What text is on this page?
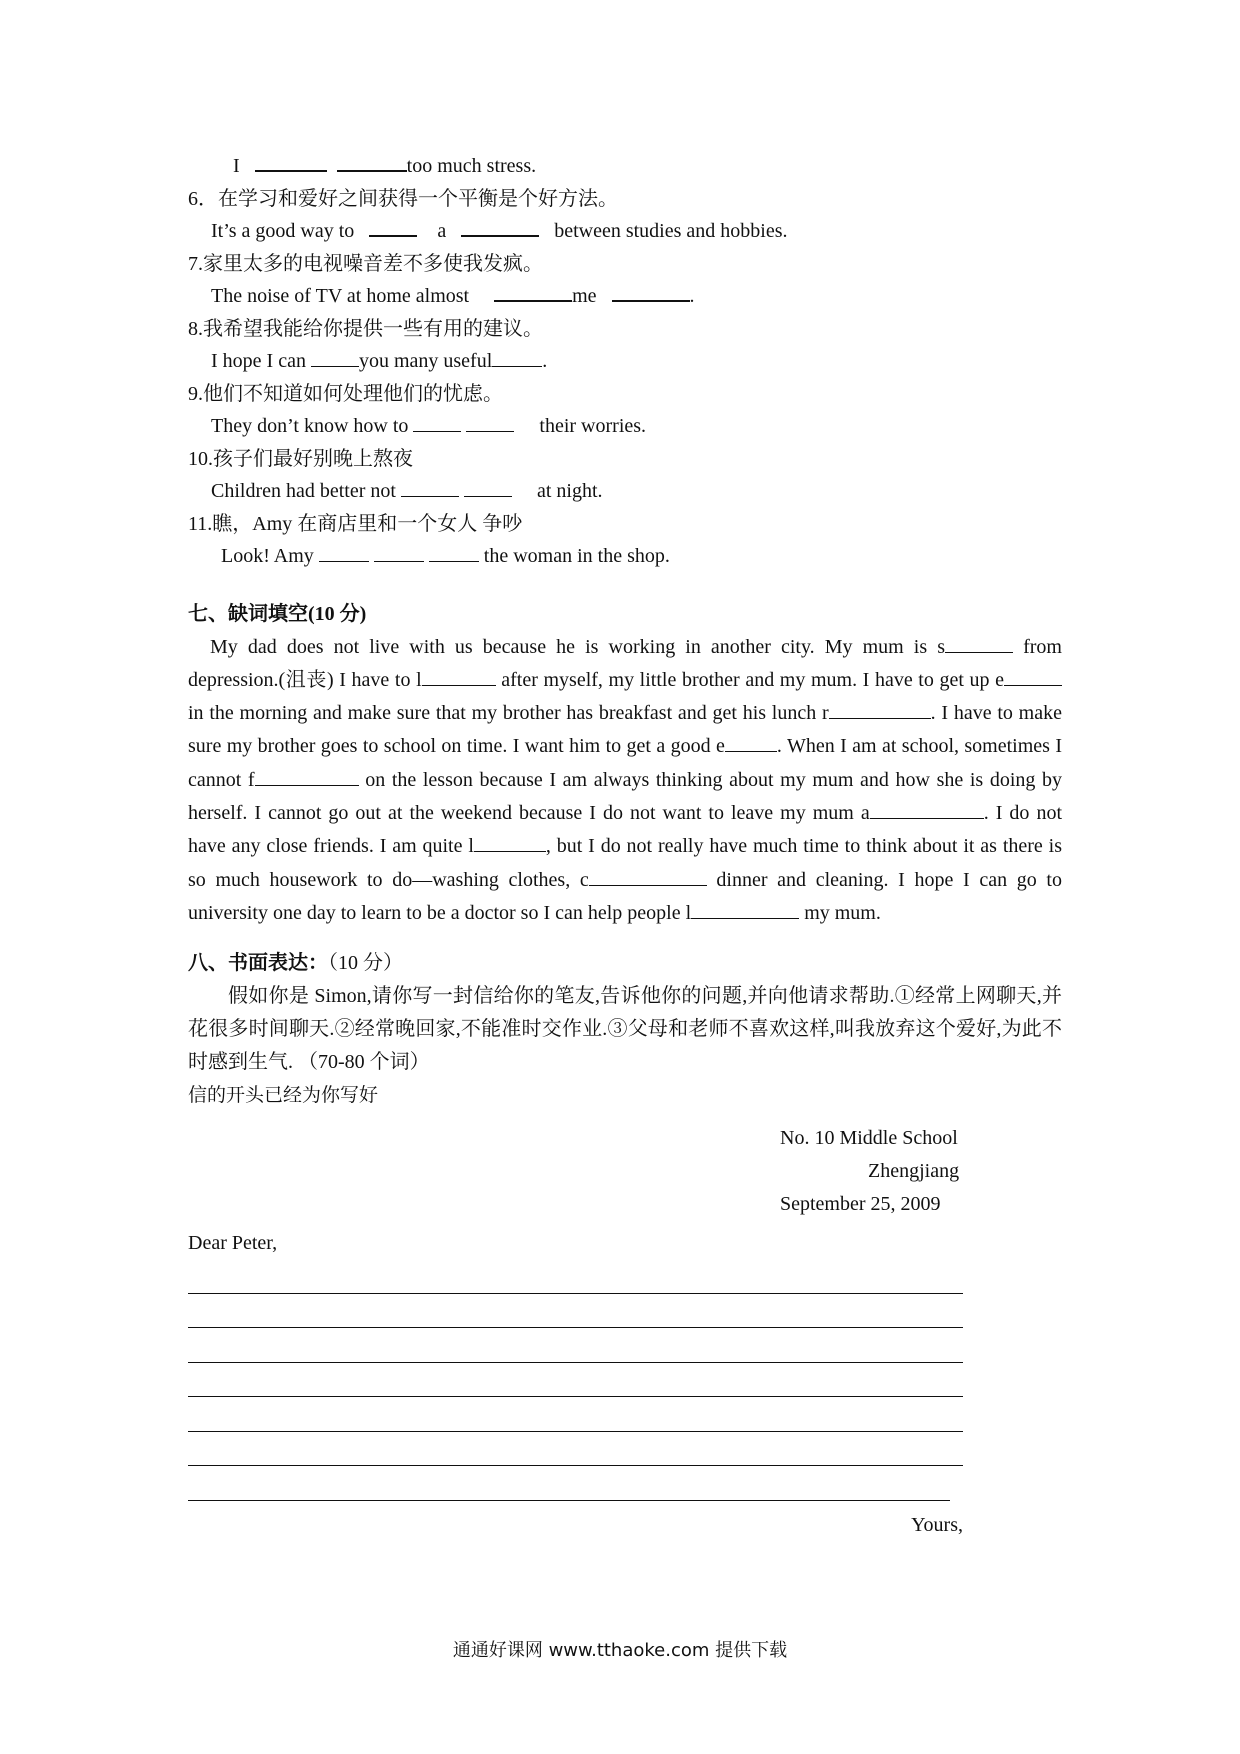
I	too much stress.

6．在学习和爱好之间获得一个平衡是个好方法。

It’s a good way to	a	between studies and hobbies.

7.家里太多的电视噪音差不多使我发疯。

The noise of TV at home almost	me	.

8.我希望我能给你提供一些有用的建议。

I hope I can	you many useful	.

9.他们不知道如何处理他们的忧虑。

They don’t know how to	their worries.

10.孩子们最好别晚上熬夜

Children had better not	at night.

11.瞧，Amy 在商店里和一个女人 争吵

Look! Amy	the woman in the shop.

七、缺词填空(10 分)

My dad does not live with us because he is working in another city. My mum is s	from depression.(沮丧) I have to l	after myself, my little brother and my mum. I have to get up e in the morning and make sure that my brother has breakfast and get his lunch r	. I have to make sure my brother goes to school on time. I want him to get a good e	. When I am at school, sometimes I cannot f	on the lesson because I am always thinking about my mum and how she is doing by herself. I cannot go out at the weekend because I do not want to leave my mum a	. I do not have any close friends. I am quite l	, but I do not really have much time to think about it as there is so much housework to do—washing clothes, c	dinner and cleaning. I hope I can go to university one day to learn to be a doctor so I can help people l	my mum.

八、书面表达：（10 分）

假如你是 Simon,请你写一封信给你的笔友,告诉他你的问题,并向他请求帮助.①经常上网聊天,并花很多时间聊天.②经常晚回家,不能准时交作业.③父母和老师不喜欢这样,叫我放弃这个爱好,为此不时感到生气. （70-80 个词）

信的开头已经为你写好

No. 10 Middle School
Zhengjiang
September 25, 2009

Dear Peter,

Yours,
通通好课网 www.tthaoke.com 提供下载
